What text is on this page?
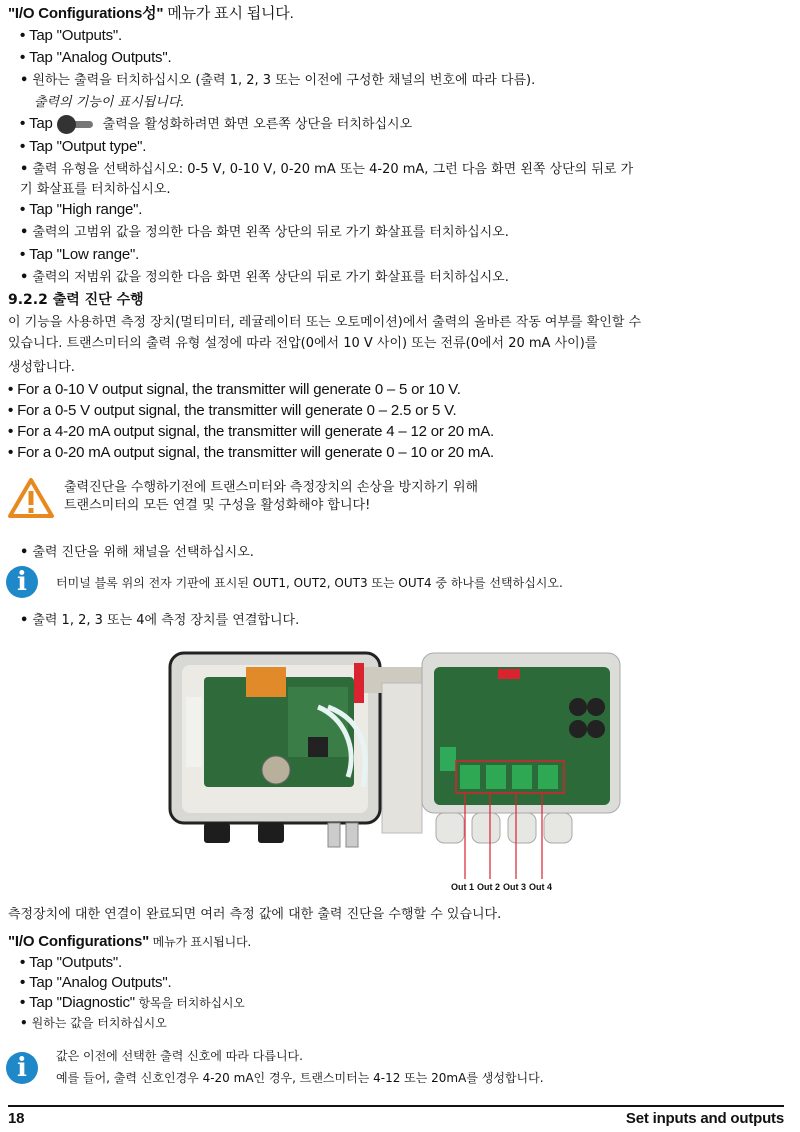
"I/O Configurations성" 메뉴가 표시 됩니다.
• Tap "Outputs".
• Tap "Analog Outputs".
• 원하는 출력을 터치하십시오 (출력 1, 2, 3 또는 이전에 구성한 채널의 번호에 따라 다름).
출력의 기능이 표시됩니다.
• Tap	출력을 활성화하려면 화면 오른쪽 상단을 터치하십시오
• Tap "Output type".
• 출력 유형을 선택하십시오: 0-5 V, 0-10 V, 0-20 mA 또는 4-20 mA, 그런 다음 화면 왼쪽 상단의 뒤로 가
기 화살표를 터치하십시오.
• Tap "High range".
• 출력의 고범위 값을 정의한 다음 화면 왼쪽 상단의 뒤로 가기 화살표를 터치하십시오.
• Tap "Low range".
• 출력의 저범위 값을 정의한 다음 화면 왼쪽 상단의 뒤로 가기 화살표를 터치하십시오.
9.2.2 출력 진단 수행
이 기능을 사용하면 측정 장치(멀티미터, 레귤레이터 또는 오토메이션)에서 출력의 올바른 작동 여부를 확인할 수
있습니다. 트랜스미터의 출력 유형 설정에 따라 전압(0에서 10 V 사이) 또는 전류(0에서 20 mA 사이)를
생성합니다.
• For a 0-10 V output signal, the transmitter will generate 0 – 5 or 10 V.
• For a 0-5 V output signal, the transmitter will generate 0 – 2.5 or 5 V.
• For a 4-20 mA output signal, the transmitter will generate 4 – 12 or 20 mA.
• For a 0-20 mA output signal, the transmitter will generate 0 – 10 or 20 mA.
출력진단을 수행하기전에 트랜스미터와 측정장치의 손상을 방지하기 위해
트랜스미터의 모든 연결 및 구성을 활성화해야 합니다!
• 출력 진단을 위해 채널을 선택하십시오.
i	터미널 블록 위의 전자 기판에 표시된 OUT1, OUT2, OUT3 또는 OUT4 중 하나를 선택하십시오.
• 출력 1, 2, 3 또는 4에 측정 장치를 연결합니다.
Out 1 Out 2 Out 3 Out 4
측정장치에 대한 연결이 완료되면 여러 측정 값에 대한 출력 진단을 수행할 수 있습니다.
"I/O Configurations" 메뉴가 표시됩니다.
• Tap "Outputs".
• Tap "Analog Outputs".
• Tap "Diagnostic" 항목을 터치하십시오
• 원하는 값을 터치하십시오
i	값은 이전에 선택한 출력 신호에 따라 다릅니다.
예를 들어, 출력 신호인경우 4-20 mA인 경우, 트랜스미터는 4-12 또는 20mA를 생성합니다.
18	Set inputs and outputs
